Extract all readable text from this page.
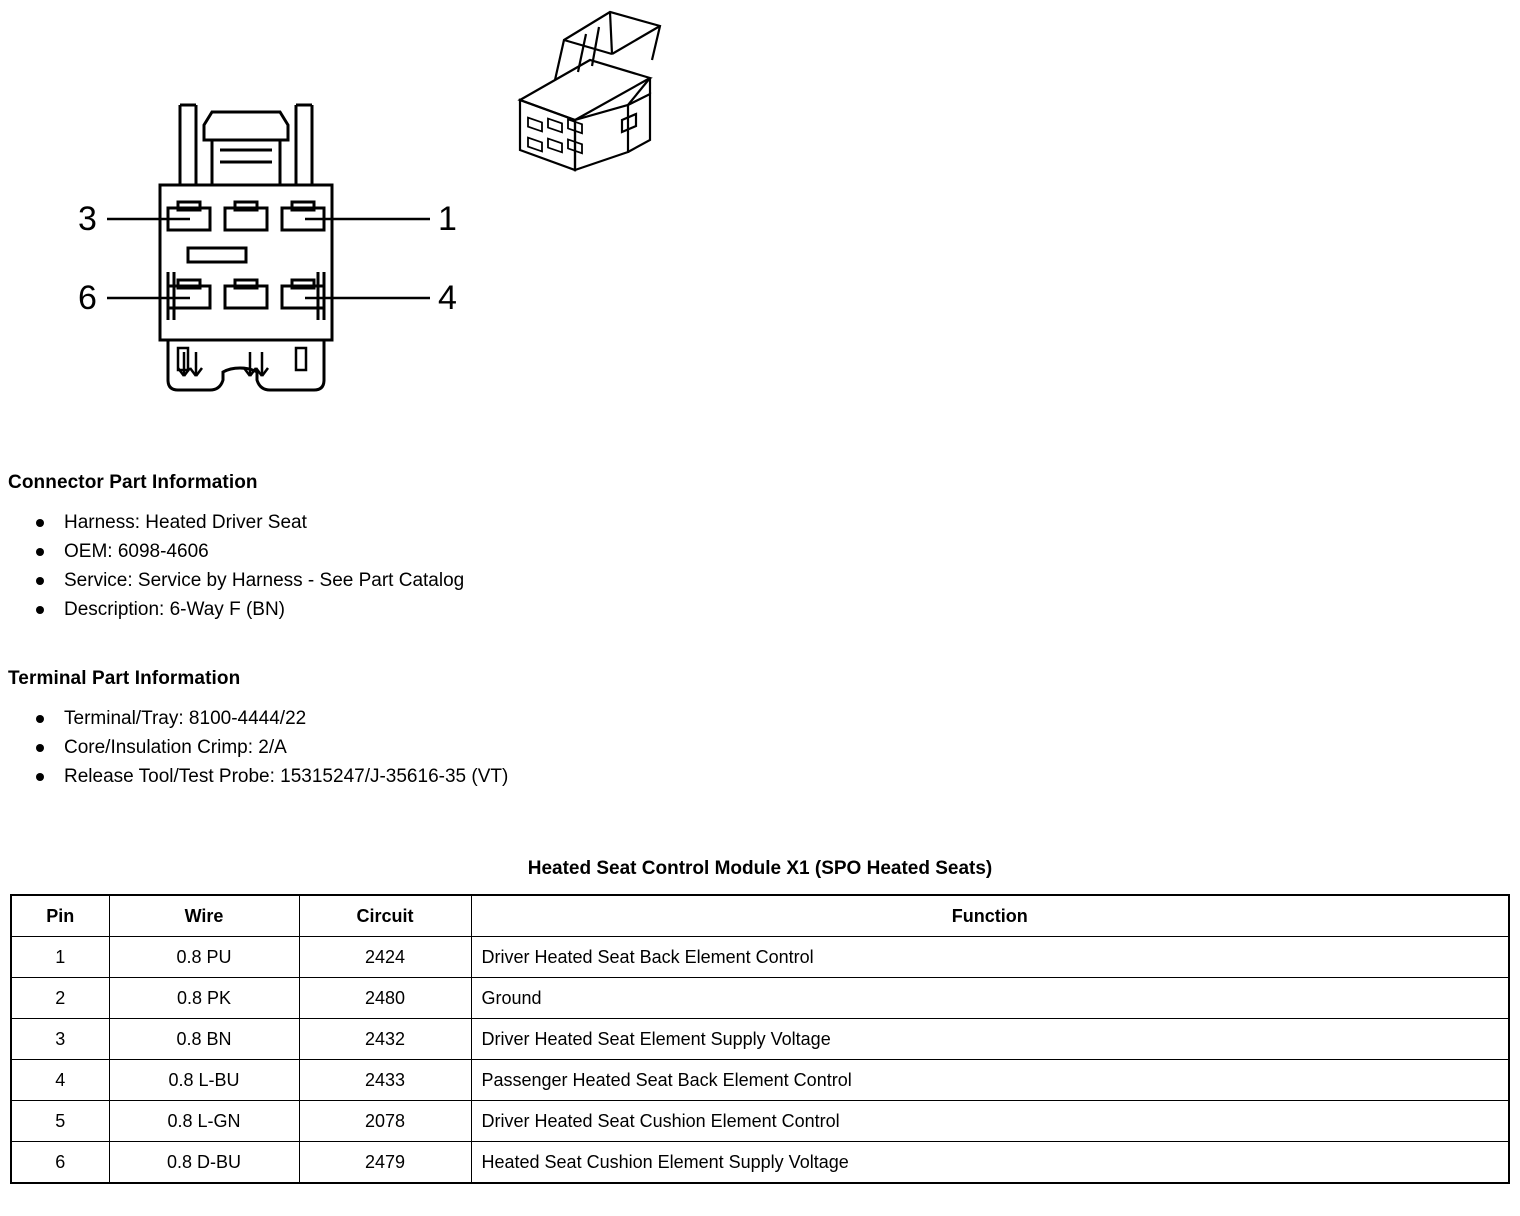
3	1
6	4
Connector Part Information
Harness: Heated Driver Seat
OEM: 6098-4606
Service: Service by Harness - See Part Catalog
Description: 6-Way F (BN)
Terminal Part Information
Terminal/Tray: 8100-4444/22
Core/Insulation Crimp: 2/A
Release Tool/Test Probe: 15315247/J-35616-35 (VT)
Heated Seat Control Module X1 (SPO Heated Seats)
Pin	Wire	Circuit	Function
1	0.8 PU	2424	Driver Heated Seat Back Element Control
2	0.8 PK	2480	Ground
3	0.8 BN	2432	Driver Heated Seat Element Supply Voltage
4	0.8 L-BU	2433	Passenger Heated Seat Back Element Control
5	0.8 L-GN	2078	Driver Heated Seat Cushion Element Control
6	0.8 D-BU	2479	Heated Seat Cushion Element Supply Voltage
